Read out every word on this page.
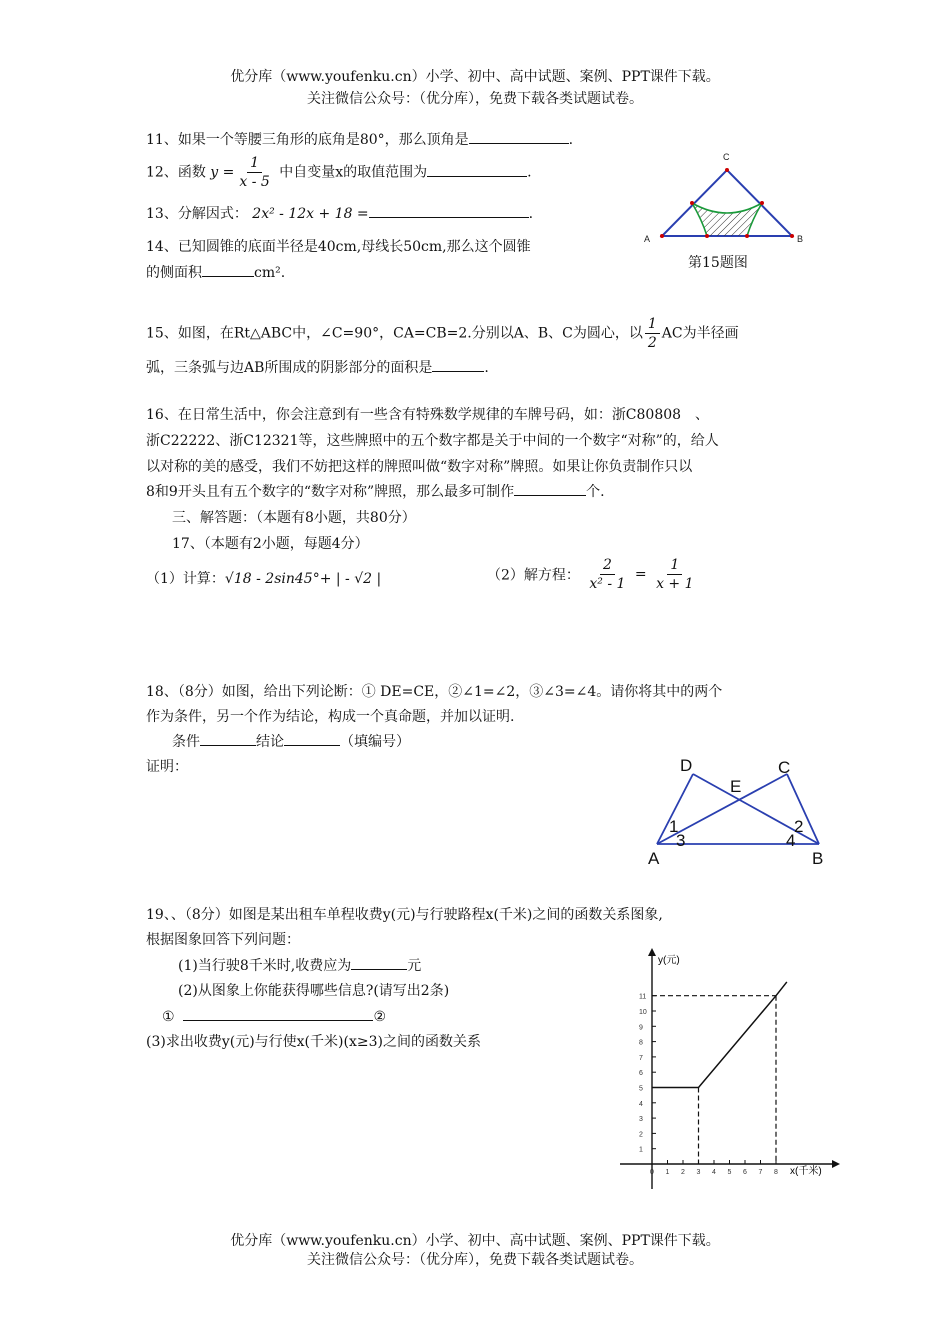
优分库（www.youfenku.cn）小学、初中、高中试题、案例、PPT课件下载。
关注微信公众号：（优分库），免费下载各类试题试卷。
11、如果一个等腰三角形的底角是80°，那么顶角是	.
12、函数 $y = \frac{1}{x - 5}$ 中自变量x的取值范围为	.
13、分解因式： 2x² - 12x + 18 =	.
14、已知圆锥的底面半径是40cm,母线长50cm,那么这个圆锥
的侧面积	cm².
A	B
C
第15题图
15、如图，在Rt△ABC中，∠C=90°，CA=CB=2.分别以A、B、C为圆心，以 $\frac{1}{2}$ AC为半径画
弧，三条弧与边AB所围成的阴影部分的面积是	.
16、在日常生活中，你会注意到有一些含有特殊数学规律的车牌号码，如：浙C80808　、
浙C22222、浙C12321等，这些牌照中的五个数字都是关于中间的一个数字“对称”的，给人
以对称的美的感受，我们不妨把这样的牌照叫做“数字对称”牌照。如果让你负责制作只以
8和9开头且有五个数字的“数字对称”牌照，那么最多可制作	个.
三、解答题：（本题有8小题，共80分）
17、（本题有2小题，每题4分）
（1）计算：√18 - 2sin45°+ | - √2 |	（2）解方程： $\frac{2}{\text{x² - 1}} = \frac{1}{x + 1}$
18、（8分）如图，给出下列论断：① DE=CE，②∠1=∠2，③∠3=∠4。请你将其中的两个
作为条件，另一个作为结论，构成一个真命题，并加以证明.
条件	结论	（填编号）
证明：	D	C
E
A	B
1	2
3	4
19、、（8分）如图是某出租车单程收费y(元)与行驶路程x(千米)之间的函数关系图象,
根据图象回答下列问题：
(1)当行驶8千米时,收费应为	元
(2)从图象上你能获得哪些信息?(请写出2条)
①	②
(3)求出收费y(元)与行使x(千米)(x≥3)之间的函数关系
0 1 2 3 4 5 6 7 8
1
2
3
4
5
6
7
8
9
10
11
y(元)
x(千米)
优分库（www.youfenku.cn）小学、初中、高中试题、案例、PPT课件下载。
关注微信公众号：（优分库），免费下载各类试题试卷。
